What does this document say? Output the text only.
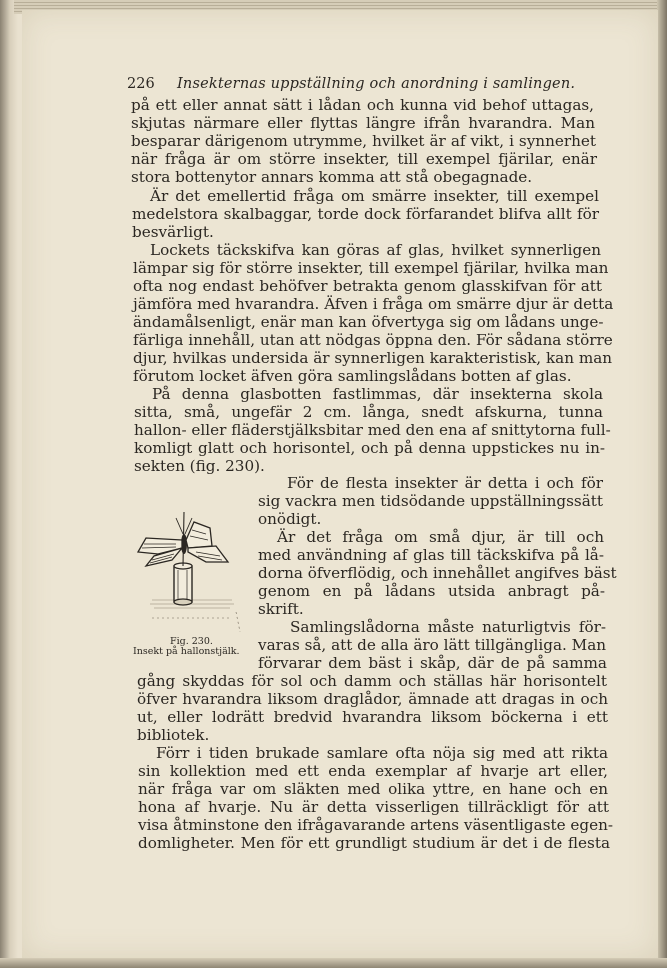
226 Insekternas uppställning och anordning i samlingen.
på ett eller annat sätt i lådan och kunna vid behof uttagas,
skjutas närmare eller flyttas längre ifrån hvarandra. Man
besparar därigenom utrymme, hvilket är af vikt, i synnerhet
när fråga är om större insekter, till exempel fjärilar, enär
stora bottenytor annars komma att stå obegagnade.
Är det emellertid fråga om smärre insekter, till exempel
medelstora skalbaggar, torde dock förfarandet blifva allt för
besvärligt.
Lockets täckskifva kan göras af glas, hvilket synnerligen
lämpar sig för större insekter, till exempel fjärilar, hvilka man
ofta nog endast behöfver betrakta genom glasskifvan för att
jämföra med hvarandra. Äfven i fråga om smärre djur är detta
ändamålsenligt, enär man kan öfvertyga sig om lådans unge-
färliga innehåll, utan att nödgas öppna den. För sådana större
djur, hvilkas undersida är synnerligen karakteristisk, kan man
förutom locket äfven göra samlingslådans botten af glas.
På denna glasbotten fastlimmas, där insekterna skola
sitta, små, ungefär 2 cm. långa, snedt afskurna, tunna
hallon- eller fläderstjälksbitar med den ena af snittytorna full-
komligt glatt och horisontel, och på denna uppstickes nu in-
sekten (fig. 230).
För de flesta insekter är detta i och för
sig vackra men tidsödande uppställningssätt
onödigt.
Är det fråga om små djur, är till och
med användning af glas till täckskifva på lå-
dorna öfverflödig, och innehållet angifves bäst
genom en på lådans utsida anbragt på-
skrift.
Samlingslådorna måste naturligtvis för-
varas så, att de alla äro lätt tillgängliga. Man
förvarar dem bäst i skåp, där de på samma
gång skyddas för sol och damm och ställas här horisontelt
öfver hvarandra liksom draglådor, ämnade att dragas in och
ut, eller lodrätt bredvid hvarandra liksom böckerna i ett
bibliotek.
Förr i tiden brukade samlare ofta nöja sig med att rikta
sin kollektion med ett enda exemplar af hvarje art eller,
när fråga var om släkten med olika yttre, en hane och en
hona af hvarje. Nu är detta visserligen tillräckligt för att
visa åtminstone den ifrågavarande artens väsentligaste egen-
domligheter. Men för ett grundligt studium är det i de flesta
Fig. 230.
Insekt på hallonstjälk.
